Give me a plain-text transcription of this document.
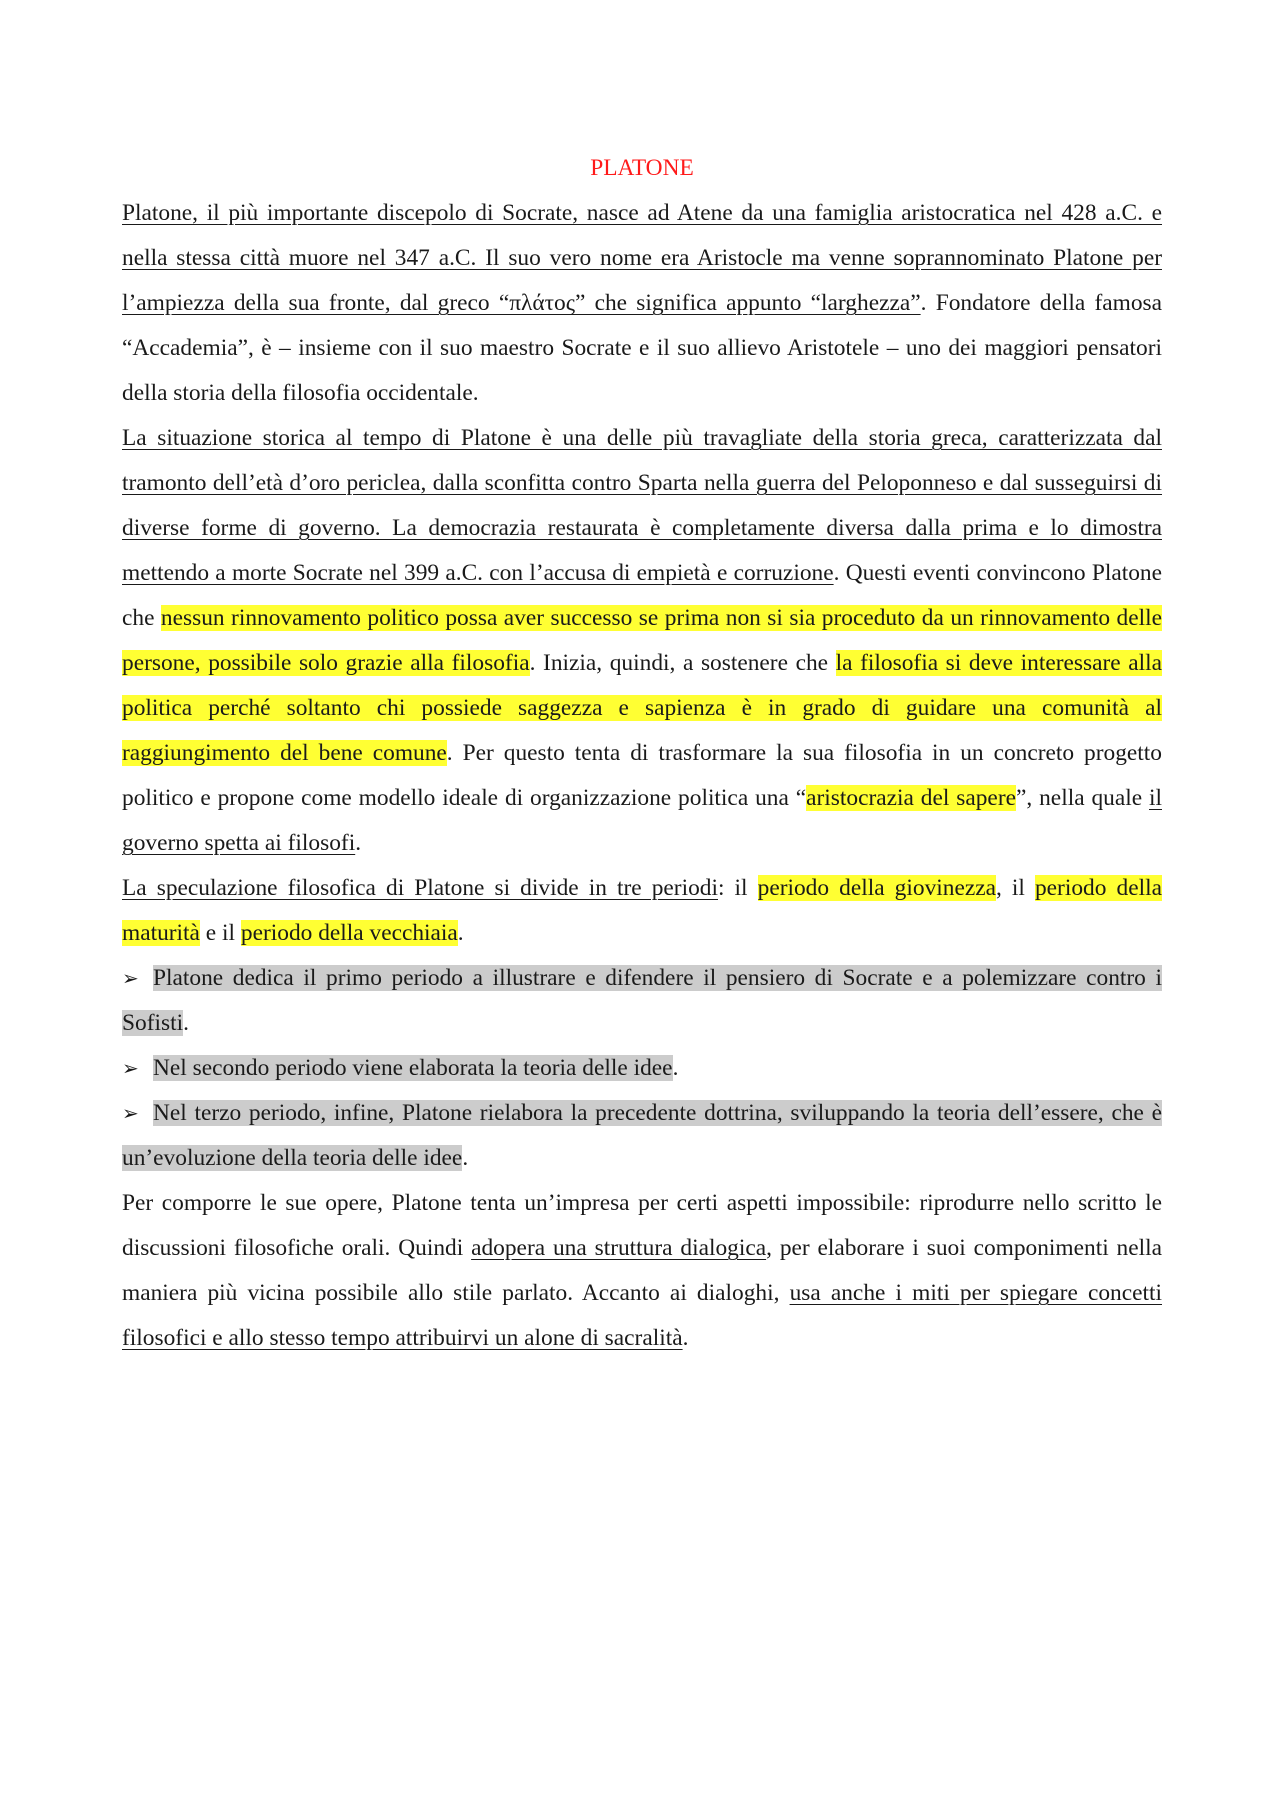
PLATONE

Platone, il più importante discepolo di Socrate, nasce ad Atene da una famiglia aristocratica nel 428 a.C. e nella stessa città muore nel 347 a.C. Il suo vero nome era Aristocle ma venne soprannominato Platone per l’ampiezza della sua fronte, dal greco “πλάτος” che significa appunto “larghezza”. Fondatore della famosa “Accademia”, è – insieme con il suo maestro Socrate e il suo allievo Aristotele – uno dei maggiori pensatori della storia della filosofia occidentale.

La situazione storica al tempo di Platone è una delle più travagliate della storia greca, caratterizzata dal tramonto dell’età d’oro periclea, dalla sconfitta contro Sparta nella guerra del Peloponneso e dal susseguirsi di diverse forme di governo. La democrazia restaurata è completamente diversa dalla prima e lo dimostra mettendo a morte Socrate nel 399 a.C. con l’accusa di empietà e corruzione. Questi eventi convincono Platone che nessun rinnovamento politico possa aver successo se prima non si sia proceduto da un rinnovamento delle persone, possibile solo grazie alla filosofia. Inizia, quindi, a sostenere che la filosofia si deve interessare alla politica perché soltanto chi possiede saggezza e sapienza è in grado di guidare una comunità al raggiungimento del bene comune. Per questo tenta di trasformare la sua filosofia in un concreto progetto politico e propone come modello ideale di organizzazione politica una “aristocrazia del sapere”, nella quale il governo spetta ai filosofi.

La speculazione filosofica di Platone si divide in tre periodi: il periodo della giovinezza, il periodo della maturità e il periodo della vecchiaia.

➢ Platone dedica il primo periodo a illustrare e difendere il pensiero di Socrate e a polemizzare contro i Sofisti.
➢ Nel secondo periodo viene elaborata la teoria delle idee.
➢ Nel terzo periodo, infine, Platone rielabora la precedente dottrina, sviluppando la teoria dell’essere, che è un’evoluzione della teoria delle idee.

Per comporre le sue opere, Platone tenta un’impresa per certi aspetti impossibile: riprodurre nello scritto le discussioni filosofiche orali. Quindi adopera una struttura dialogica, per elaborare i suoi componimenti nella maniera più vicina possibile allo stile parlato. Accanto ai dialoghi, usa anche i miti per spiegare concetti filosofici e allo stesso tempo attribuirvi un alone di sacralità.
